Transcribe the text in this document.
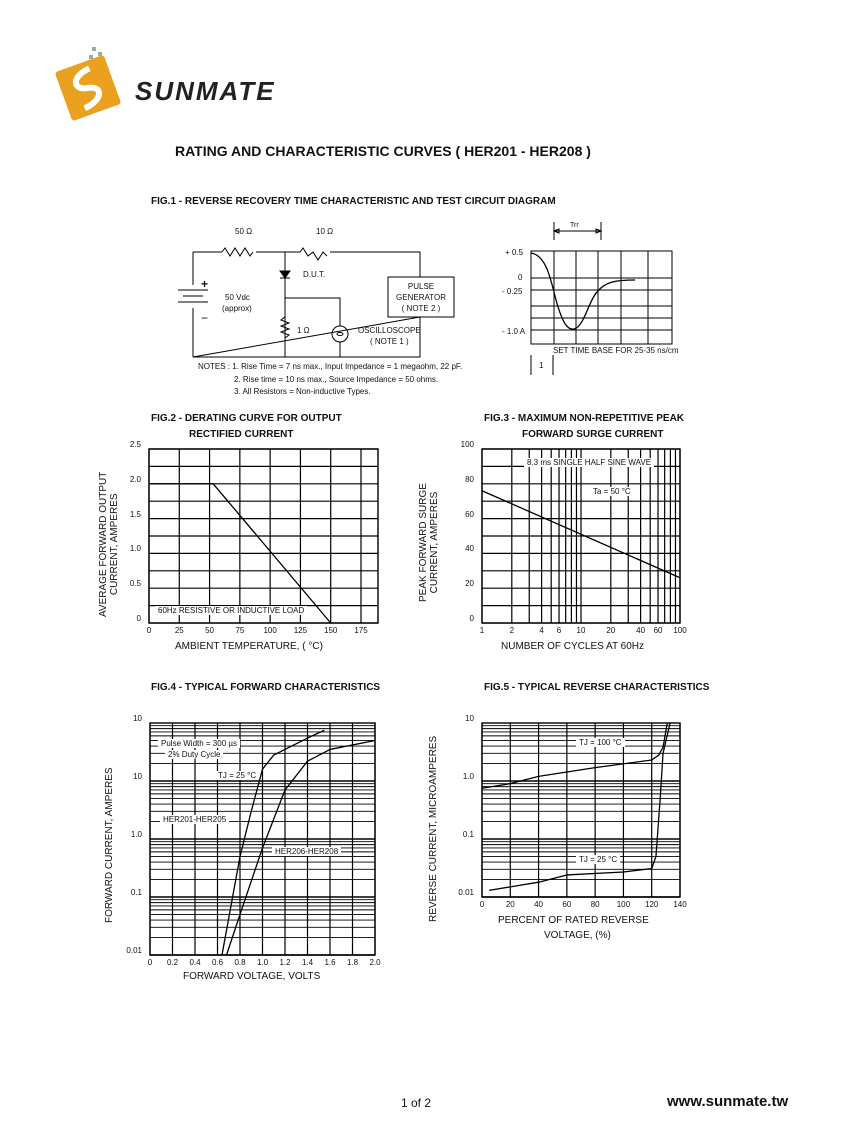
SUNMATE
RATING AND CHARACTERISTIC CURVES ( HER201 - HER208 )
FIG.1 - REVERSE RECOVERY TIME CHARACTERISTIC AND TEST CIRCUIT DIAGRAM
50 Ω	10 Ω
D.U.T.
+
−
50 Vdc
(approx)
1 Ω
PULSE
GENERATOR
( NOTE 2 )
OSCILLOSCOPE
( NOTE 1 )
NOTES : 1. Rise Time = 7 ns max., Input Impedance = 1 megaohm, 22 pF.
2. Rise time = 10 ns max., Source Impedance = 50 ohms.
3. All Resistors = Non-inductive Types.
Trr
+ 0.5
0
- 0.25
- 1.0 A
SET TIME BASE FOR 25-35 ns/cm
1
60Hz RESISTIVE OR INDUCTIVE LOAD
0	25	50	75	100	125	150	175
0
0.5
1.0
1.5
2.0
2.5
FIG.2 - DERATING CURVE FOR OUTPUT
RECTIFIED CURRENT
AMBIENT TEMPERATURE, ( °C)
AVERAGE FORWARD OUTPUT CURRENT, AMPERES
8.3 ms SINGLE HALF SINE WAVE
Ta = 50 °C
1	2	4	6	10	20	40	60	100
0
20
40
60
80
100
FIG.3 - MAXIMUM NON-REPETITIVE PEAK
FORWARD SURGE CURRENT
NUMBER OF CYCLES AT 60Hz
PEAK FORWARD SURGE CURRENT, AMPERES
Pulse Width = 300 µs
2% Duty Cycle
TJ = 25 °C
HER201-HER205
HER206-HER208
0	0.2	0.4	0.6	0.8	1.0	1.2	1.4	1.6	1.8	2.0
0.01
0.1
1.0
10
10
FIG.4 - TYPICAL FORWARD CHARACTERISTICS
FORWARD VOLTAGE, VOLTS
FORWARD CURRENT, AMPERES
TJ = 100 °C
TJ = 25 °C
0	20	40	60	80	100	120	140
0.01
0.1
1.0
10
FIG.5 - TYPICAL REVERSE CHARACTERISTICS
PERCENT OF RATED REVERSE
VOLTAGE, (%)
REVERSE CURRENT, MICROAMPERES
1 of 2	www.sunmate.tw
